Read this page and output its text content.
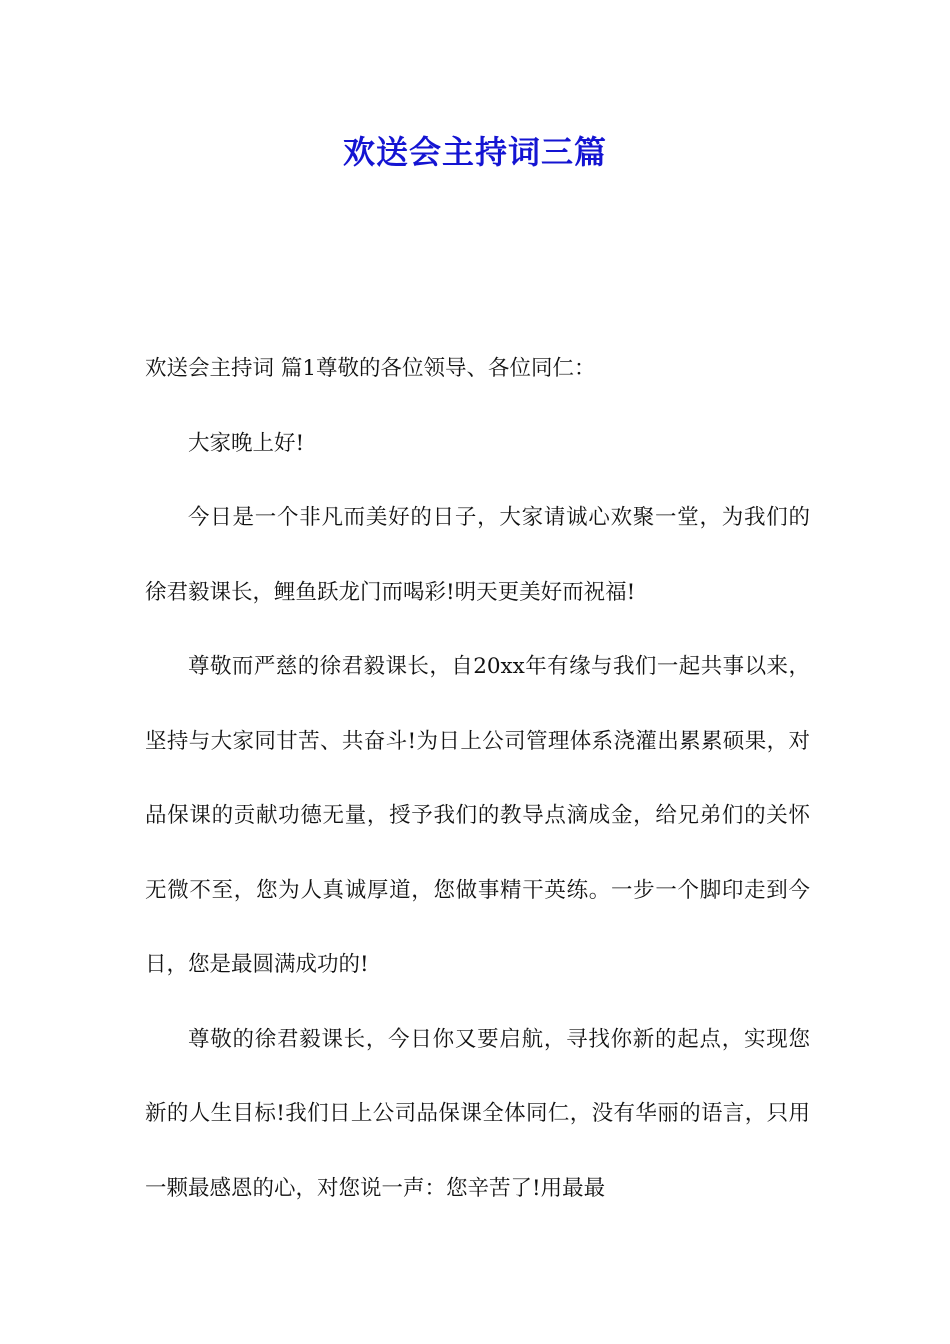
欢送会主持词三篇

欢送会主持词 篇1尊敬的各位领导、各位同仁：

大家晚上好!

今日是一个非凡而美好的日子，大家请诚心欢聚一堂，为我们的徐君毅课长，鲤鱼跃龙门而喝彩!明天更美好而祝福!

尊敬而严慈的徐君毅课长，自20xx年有缘与我们一起共事以来，坚持与大家同甘苦、共奋斗!为日上公司管理体系浇灌出累累硕果，对品保课的贡献功德无量，授予我们的教导点滴成金，给兄弟们的关怀无微不至，您为人真诚厚道，您做事精干英练。一步一个脚印走到今日，您是最圆满成功的!

尊敬的徐君毅课长，今日你又要启航，寻找你新的起点，实现您新的人生目标!我们日上公司品保课全体同仁，没有华丽的语言，只用一颗最感恩的心，对您说一声：您辛苦了!用最最
